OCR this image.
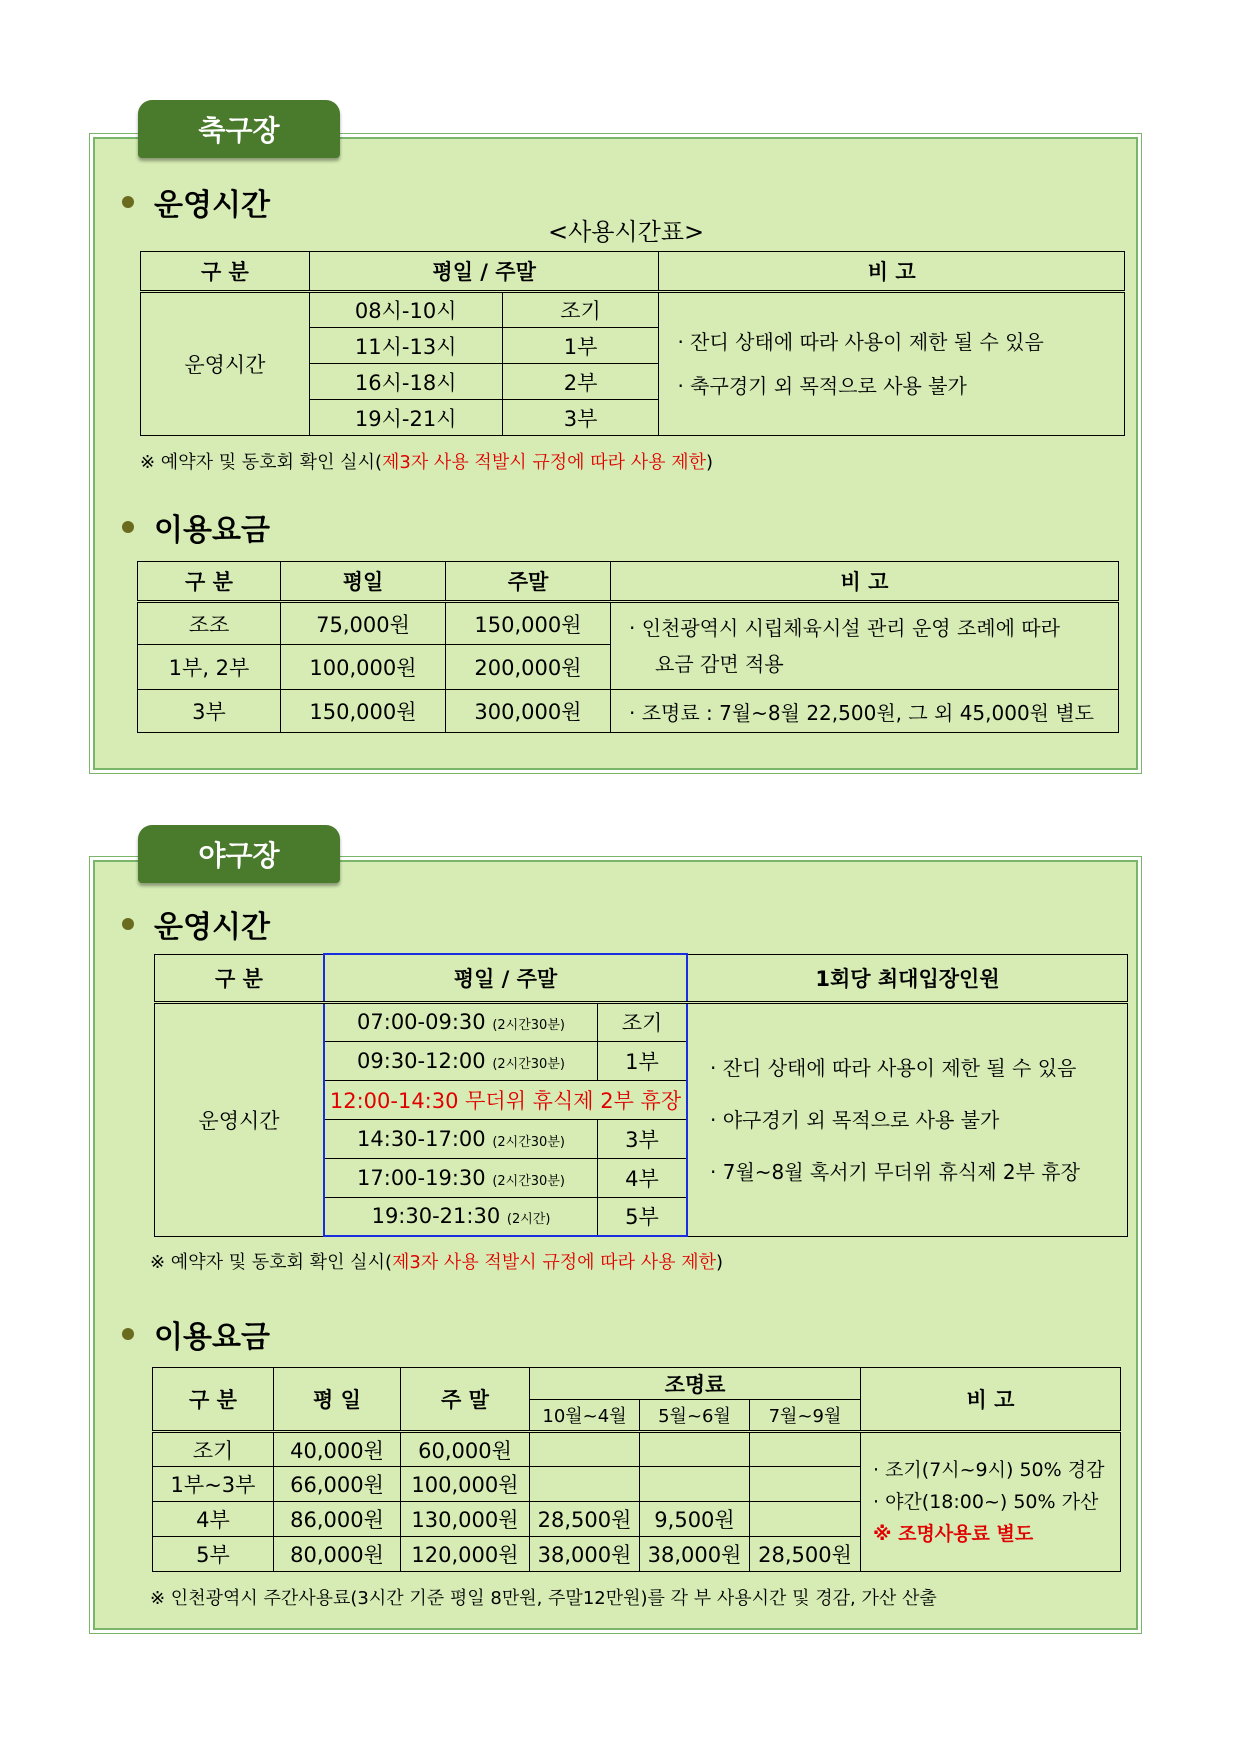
축구장
운영시간
<사용시간표>
구 분	평일 / 주말		비 고
운영시간	08시-10시	조기	· 잔디 상태에 따라 사용이 제한 될 수 있음
· 축구경기 외 목적으로 사용 불가

	11시-13시	1부	
	16시-18시	2부	
	19시-21시	3부	
※ 예약자 및 동호회 확인 실시(제3자 사용 적발시 규정에 따라 사용 제한)
이용요금
구 분	평일	주말	비 고
조조	75,000원	150,000원	· 인천광역시 시립체육시설 관리 운영 조례에 따라
요금 감면 적용

1부, 2부	100,000원	200,000원	
3부	150,000원	300,000원	· 조명료 : 7월~8월 22,500원, 그 외 45,000원 별도
야구장
운영시간
구 분	평일 / 주말		1회당 최대입장인원
운영시간	07:00-09:30 (2시간30분)	조기	· 잔디 상태에 따라 사용이 제한 될 수 있음
· 야구경기 외 목적으로 사용 불가
· 7월~8월 혹서기 무더위 휴식제 2부 휴장

	09:30-12:00 (2시간30분)	1부	
	12:00-14:30 무더위 휴식제 2부 휴장		
	14:30-17:00 (2시간30분)	3부	
	17:00-19:30 (2시간30분)	4부	
	19:30-21:30 (2시간)	5부	
※ 예약자 및 동호회 확인 실시(제3자 사용 적발시 규정에 따라 사용 제한)
이용요금
구 분	평 일	주 말	조명료			비 고
			10월~4월	5월~6월	7월~9월	
조기	40,000원	60,000원				· 조기(7시~9시) 50% 경감
· 야간(18:00~) 50% 가산
※ 조명사용료 별도

1부~3부	66,000원	100,000원				
4부	86,000원	130,000원	28,500원	9,500원		
5부	80,000원	120,000원	38,000원	38,000원	28,500원	
※ 인천광역시 주간사용료(3시간 기준 평일 8만원, 주말12만원)를 각 부 사용시간 및 경감, 가산 산출
